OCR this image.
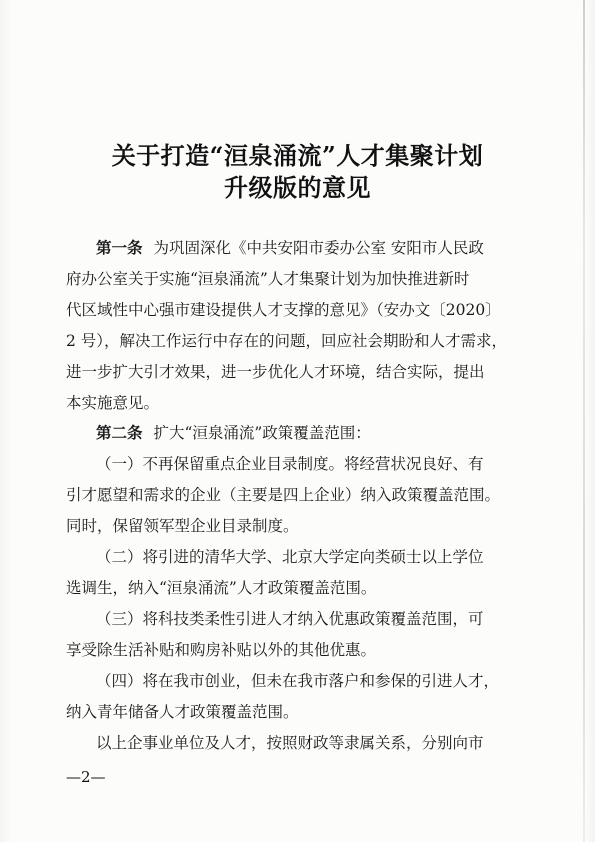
关于打造“洹泉涌流”人才集聚计划
升级版的意见
第一条 为巩固深化《中共安阳市委办公室 安阳市人民政
府办公室关于实施“洹泉涌流”人才集聚计划为加快推进新时
代区域性中心强市建设提供人才支撑的意见》（安办文〔2020〕
2 号），解决工作运行中存在的问题，回应社会期盼和人才需求，
进一步扩大引才效果，进一步优化人才环境，结合实际，提出
本实施意见。
第二条 扩大“洹泉涌流”政策覆盖范围：
（一）不再保留重点企业目录制度。将经营状况良好、有
引才愿望和需求的企业（主要是四上企业）纳入政策覆盖范围。
同时，保留领军型企业目录制度。
（二）将引进的清华大学、北京大学定向类硕士以上学位
选调生，纳入“洹泉涌流”人才政策覆盖范围。
（三）将科技类柔性引进人才纳入优惠政策覆盖范围，可
享受除生活补贴和购房补贴以外的其他优惠。
（四）将在我市创业，但未在我市落户和参保的引进人才，
纳入青年储备人才政策覆盖范围。
以上企事业单位及人才，按照财政等隶属关系，分别向市
—2—
